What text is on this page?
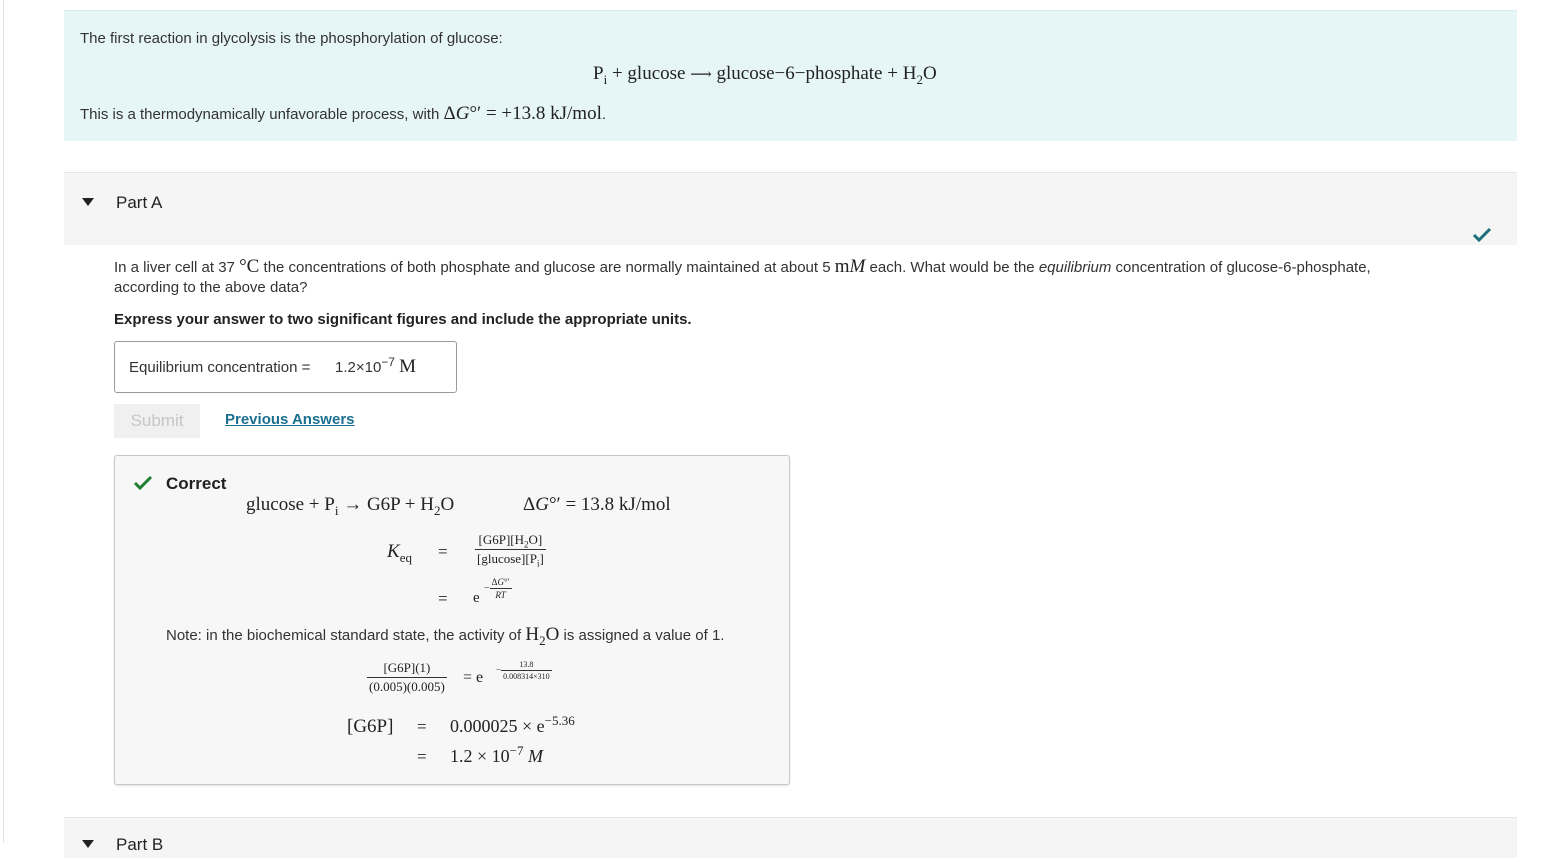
The first reaction in glycolysis is the phosphorylation of glucose:
$P_i + glucose$ ⟶ glucose−6−phosphate + $H_2O$
This is a thermodynamically unfavorable process, with ΔG°′ = +13.8 kJ/mol.
Part A
In a liver cell at 37 °C the concentrations of both phosphate and glucose are normally maintained at about 5 mM each. What would be the equilibrium concentration of glucose-6-phosphate,
according to the above data?
Express your answer to two significant figures and include the appropriate units.
Equilibrium concentration = $1.2\times 10^{-7}$ M
Submit	Previous Answers
Correct
$glucose + P_i \to G6P + H_2O$	ΔG°′ = 13.8 kJ/mol
$K_{eq} = \frac{[G6P][H_2O]}{[glucose][P_i]}$
= e
− $\frac{\Delta G^\circ'}{RT}$
Note: in the biochemical standard state, the activity of $H_2O$ is assigned a value of 1.
$\frac{[G6P](1)}{(0.005)(0.005)} = e - \frac{13.8}{0.008314\times 310}$
$[G6P] = 0.000025 \times e^{-5.36}$
= $1.2 \times 10^{-7}$ M
Part B
